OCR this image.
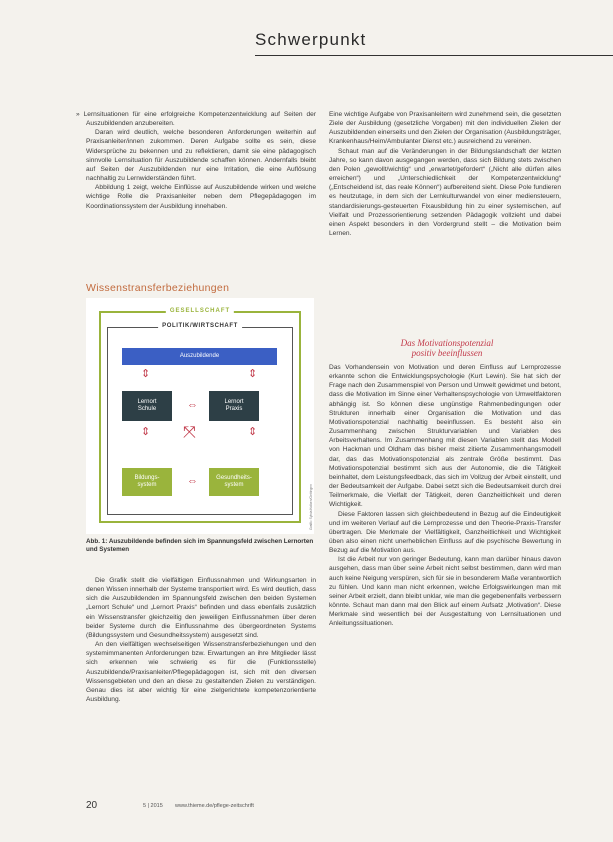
Schwerpunkt

» Lernsituationen für eine erfolgreiche Kompetenzentwicklung auf Seiten der Auszubildenden anzubereiten.

Daran wird deutlich, welche besonderen Anforderungen weiterhin auf Praxisanleiter/innen zukommen. Deren Aufgabe sollte es sein, diese Widersprüche zu bekennen und zu reflektieren, damit sie eine pädagogisch sinnvolle Lernsituation für Auszubildende schaffen können. Andernfalls bleibt auf Seiten der Auszubildenden nur eine Irritation, die eine Auflösung nachhaltig zu Lernwiderständen führt.

Abbildung 1 zeigt, welche Einflüsse auf Auszubildende wirken und welche wichtige Rolle die Praxisanleiter neben dem Pflegepädagogen im Koordinationssystem der Ausbildung innehaben.

Wissenstransferbeziehungen
GESELLSCHAFT
POLITIK/WIRTSCHAFT
Auszubildende
⇕	⇕
Lernort
Schule	⇔	Lernort
Praxis
⇕ ⤧	⇕
Bildungs-
system	⇔	Gesundheits-
system	Grafik: Sylvia Kolben/Oettingen
Abb. 1: Auszubildende befinden sich im Spannungsfeld zwischen Lernorten und Systemen

Die Grafik stellt die vielfältigen Einflussnahmen und Wirkungsarten in denen Wissen innerhalb der Systeme transportiert wird. Es wird deutlich, dass sich die Auszubildenden im Spannungsfeld zwischen den beiden Systemen „Lernort Schule“ und „Lernort Praxis“ befinden und dass ebenfalls zusätzlich ein Wissenstransfer gleichzeitig den jeweiligen Einflussnahmen über deren beider Systeme durch die Einflussnahme des übergeordneten Systems (Bildungssystem und Gesundheitssystem) ausgesetzt sind.

An den vielfältigen wechselseitigen Wissenstransferbeziehungen und den systemimmanenten Anforderungen bzw. Erwartungen an ihre Mitglieder lässt sich erkennen wie schwierig es für die (Funktionsstelle) Auszubildende/Praxisanleiter/Pflegepädagogen ist, sich mit den diversen Wissensgebieten und den an diese zu gestaltenden Zielen zu verständigen. Genau dies ist aber wichtig für eine zielgerichtete kompetenzorientierte Ausbildung.

Eine wichtige Aufgabe von Praxisanleitern wird zunehmend sein, die gesetzten Ziele der Ausbildung (gesetzliche Vorgaben) mit den individuellen Zielen der Auszubildenden einerseits und den Zielen der Organisation (Ausbildungsträger, Krankenhaus/Heim/Ambulanter Dienst etc.) ausreichend zu vereinen.

Schaut man auf die Veränderungen in der Bildungslandschaft der letzten Jahre, so kann davon ausgegangen werden, dass sich Bildung stets zwischen den Polen „gewollt/wichtig“ und „erwartet/gefordert“ („Nicht alle dürfen alles erreichen“) und „Unterschiedlichkeit der Kompetenzentwicklung“ („Entscheidend ist, das reale Können“) aufbereitend sieht. Diese Pole fundieren es heutzutage, in dem sich der Lernkulturwandel von einer mediensteuern, standardisierungs-gesteuerten Fixausbildung hin zu einer systemischen, auf Vielfalt und Prozessorientierung setzenden Pädagogik vollzieht und dabei einen Aspekt besonders in den Vordergrund stellt – die Motivation beim Lernen.

Das Motivationspotenzial
positiv beeinflussen

Das Vorhandensein von Motivation und deren Einfluss auf Lernprozesse erkannte schon die Entwicklungspsychologie (Kurt Lewin). Sie hat sich der Frage nach den Zusammenspiel von Person und Umwelt gewidmet und betont, dass die Motivation im Sinne einer Verhaltenspsychologie von Umweltfaktoren abhängig ist. So können diese ungünstige Rahmenbedingungen oder Strukturen innerhalb einer Organisation die Motivation und das Motivationspotenzial nachhaltig beeinflussen. Es besteht also ein Zusammenhang zwischen Strukturvariablen und Variablen des Arbeitsverhaltens. Im Zusammenhang mit diesen Variablen stellt das Modell von Hackman und Oldham das bisher meist zitierte Zusammenhangsmodell dar, das das Motivationspotenzial als zentrale Größe bestimmt. Das Motivationspotenzial bestimmt sich aus der Autonomie, die die Tätigkeit beinhaltet, dem Leistungsfeedback, das sich im Vollzug der Arbeit einstellt, und der Bedeutsamkeit der Aufgabe. Dabei setzt sich die Bedeutsamkeit durch drei Teilmerkmale, die Vielfalt der Tätigkeit, deren Ganzheitlichkeit und deren Wichtigkeit.

Diese Faktoren lassen sich gleichbedeutend in Bezug auf die Eindeutigkeit und im weiteren Verlauf auf die Lernprozesse und den Theorie-Praxis-Transfer übertragen. Die Merkmale der Vielfältigkeit, Ganzheitlichkeit und Wichtigkeit üben also einen nicht unerheblichen Einfluss auf die psychische Bewertung in Bezug auf die Motivation aus.

Ist die Arbeit nur von geringer Bedeutung, kann man darüber hinaus davon ausgehen, dass man über seine Arbeit nicht selbst bestimmen, dann wird man auch keine Neigung verspüren, sich für sie in besonderem Maße verantwortlich zu fühlen. Und kann man nicht erkennen, welche Erfolgswirkungen man mit seiner Arbeit erzielt, dann bleibt unklar, wie man die gegebenenfalls verbessern könnte. Schaut man dann mal den Blick auf einem Aufsatz „Motivation“. Diese Merkmale sind wesentlich bei der Ausgestaltung von Lernsituationen und Anleitungssituationen.

20	5 | 2015 www.thieme.de/pflege-zeitschrift
